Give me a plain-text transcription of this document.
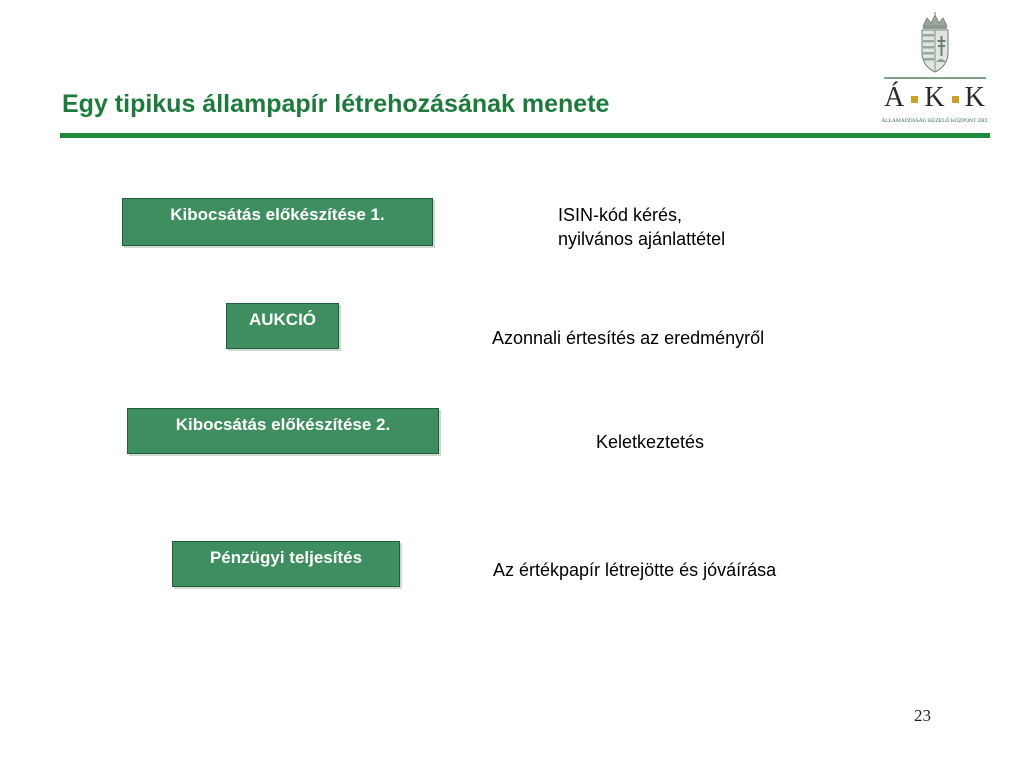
Egy tipikus állampapír létrehozásának menete	Á K K
ÁLLAMADÓSSÁG KEZELŐ KÖZPONT ZRT.
Kibocsátás előkészítése 1.	ISIN-kód kérés,
nyilvános ajánlattétel
AUKCIÓ
Azonnali értesítés az eredményről
Kibocsátás előkészítése 2.
Keletkeztetés
Pénzügyi teljesítés
Az értékpapír létrejötte és jóváírása
23
